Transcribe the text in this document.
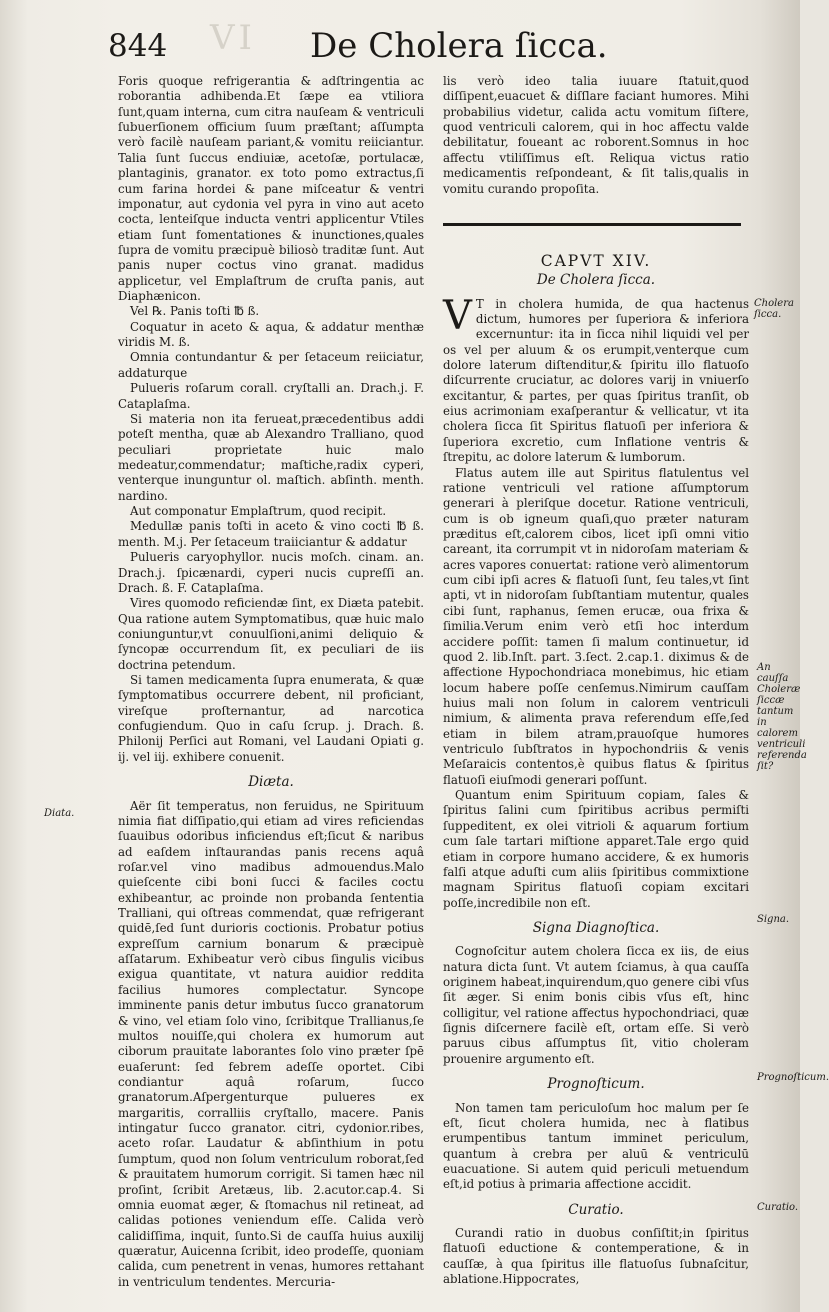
VI
844	De Cholera ſicca.

Foris quoque refrigerantia & adſtringentia ac roborantia adhibenda.Et ſæpe ea vtiliora ſunt,quam interna, cum citra nauſeam & ventriculi ſubuerſionem officium ſuum præſtant; aſſumpta verò facilè nauſeam pariant,& vomitu reiiciantur. Talia ſunt ſuccus endiuiæ, acetoſæ, portulacæ, plantaginis, granator. ex toto pomo extractus,ſi cum farina hordei & pane miſceatur & ventri imponatur, aut cydonia vel pyra in vino aut aceto cocta, lenteiſque inducta ventri applicentur Vtiles etiam ſunt fomentationes & inunctiones,quales ſupra de vomitu præcipuè biliosò traditæ ſunt. Aut panis nuper coctus vino granat. madidus applicetur, vel Emplaſtrum de cruſta panis, aut Diaphænicon.

Vel ℞. Panis toſti ℔ ß.

Coquatur in aceto & aqua, & addatur menthæ viridis M. ß.

Omnia contundantur & per ſetaceum reiiciatur, addaturque

Pulueris roſarum corall. cryſtalli an. Drach.j. F. Cataplaſma.

Si materia non ita ferueat,præcedentibus addi poteſt mentha, quæ ab Alexandro Tralliano, quod peculiari proprietate huic malo medeatur,commendatur; maſtiche,radix cyperi, venterque inunguntur ol. maſtich. abſinth. menth. nardino.

Aut componatur Emplaſtrum, quod recipit.

Medullæ panis toſti in aceto & vino cocti ℔ ß. menth. M.j. Per ſetaceum traiiciantur & addatur

Pulueris caryophyllor. nucis moſch. cinam. an. Drach.j. ſpicænardi, cyperi nucis cupreſſi an. Drach. ß. F. Cataplaſma.

Vires quomodo reficiendæ ſint, ex Diæta patebit. Qua ratione autem Symptomatibus, quæ huic malo coniunguntur,vt conuulſioni,animi deliquio & ſyncopæ occurrendum ſit, ex peculiari de iis doctrina petendum.

Si tamen medicamenta ſupra enumerata, & quæ ſymptomatibus occurrere debent, nil proficiant, vireſque proſternantur, ad narcotica confugiendum. Quo in caſu ſcrup. j. Drach. ß. Philonij Perſici aut Romani, vel Laudani Opiati g. ij. vel iij. exhibere conuenit.

Diæta.

Aër ſit temperatus, non feruidus, ne Spirituum nimia fiat diſſipatio,qui etiam ad vires reficiendas ſuauibus odoribus inficiendus eſt;ſicut & naribus ad eaſdem inſtaurandas panis recens aquâ roſar.vel vino madibus admouendus.Malo quieſcente cibi boni ſucci & faciles coctu exhibeantur, ac proinde non probanda ſententia Tralliani, qui oſtreas commendat, quæ refrigerant quidē,ſed ſunt durioris coctionis. Probatur potius expreſſum carnium bonarum & præcipuè aſſatarum. Exhibeatur verò cibus ſingulis vicibus exigua quantitate, vt natura auidior reddita facilius humores complectatur. Syncope imminente panis detur imbutus ſucco granatorum & vino, vel etiam ſolo vino, ſcribitque Trallianus,ſe multos nouiſſe,qui cholera ex humorum aut ciborum prauitate laborantes ſolo vino præter ſpē euaſerunt: ſed febrem adeſſe oportet. Cibi condiantur aquâ roſarum, ſucco granatorum.Aſpergenturque pulueres ex margaritis, corralliis cryſtallo, macere. Panis intingatur ſucco granator. citri, cydonior.ribes, aceto roſar. Laudatur & abſinthium in potu ſumptum, quod non ſolum ventriculum roborat,ſed & prauitatem humorum corrigit. Si tamen hæc nil proſint, ſcribit Aretæus, lib. 2.acutor.cap.4. Si omnia euomat æger, & ſtomachus nil retineat, ad calidas potiones veniendum eſſe. Calida verò calidiſſima, inquit, ſunto.Si de cauſſa huius auxilij quæratur, Auicenna ſcribit, ideo prodeſſe, quoniam calida, cum penetrent in venas, humores rettahant in ventriculum tendentes. Mercuria-

lis verò ideo talia iuuare ſtatuit,quod diſſipent,euacuet & diſſlare faciant humores. Mihi probabilius videtur, calida actu vomitum ſiſtere, quod ventriculi calorem, qui in hoc affectu valde debilitatur, foueant ac roborent.Somnus in hoc affectu vtiliſſimus eſt. Reliqua victus ratio medicamentis reſpondeant, & ſit talis,qualis in vomitu curando propoſita.

CAPVT XIV.
De Cholera ſicca.

V T in cholera humida, de qua hactenus dictum, humores per ſuperiora & inferiora excernuntur: ita in ſicca nihil liquidi vel per os vel per aluum & os erumpit,venterque cum dolore laterum diſtenditur,& ſpiritu illo flatuoſo diſcurrente cruciatur, ac dolores varij in vniuerſo excitantur, & partes, per quas ſpiritus tranſit, ob eius acrimoniam exaſperantur & vellicatur, vt ita cholera ſicca ſit Spiritus flatuoſi per inferiora & ſuperiora excretio, cum Inflatione ventris & ſtrepitu, ac dolore laterum & lumborum.

Flatus autem ille aut Spiritus flatulentus vel ratione ventriculi vel ratione aſſumptorum generari à pleriſque docetur. Ratione ventriculi, cum is ob igneum quaſi,quo præter naturam præditus eſt,calorem cibos, licet ipſi omni vitio careant, ita corrumpit vt in nidoroſam materiam & acres vapores conuertat: ratione verò alimentorum cum cibi ipſi acres & flatuoſi ſunt, ſeu tales,vt ſint apti, vt in nidoroſam ſubſtantiam mutentur, quales cibi ſunt, raphanus, ſemen erucæ, oua frixa & ſimilia.Verum enim verò etſi hoc interdum accidere poſſit: tamen ſi malum continuetur, id quod 2. lib.Inſt. part. 3.ſect. 2.cap.1. diximus & de affectione Hypochondriaca monebimus, hic etiam locum habere poſſe cenſemus.Nimirum cauſſam huius mali non ſolum in calorem ventriculi nimium, & alimenta prava referendum eſſe,ſed etiam in bilem atram,prauoſque humores ventriculo ſubſtratos in hypochondriis & venis Meſaraicis contentos,è quibus flatus & ſpiritus flatuoſi eiuſmodi generari poſſunt.

Quantum enim Spirituum copiam, ſales & ſpiritus ſalini cum ſpiritibus acribus permiſti ſuppeditent, ex olei vitrioli & aquarum fortium cum ſale tartari miſtione apparet.Tale ergo quid etiam in corpore humano accidere, & ex humoris falſi atque aduſti cum aliis ſpiritibus commixtione magnam Spiritus flatuoſi copiam excitari poſſe,incredibile non eſt.

Signa Diagnoſtica.

Cognoſcitur autem cholera ſicca ex iis, de eius natura dicta ſunt. Vt autem ſciamus, à qua cauſſa originem habeat,inquirendum,quo genere cibi vſus ſit æger. Si enim bonis cibis vſus eſt, hinc colligitur, vel ratione affectus hypochondriaci, quæ ſignis diſcernere facilè eſt, ortam eſſe. Si verò paruus cibus aſſumptus ſit, vitio choleram prouenire argumento eſt.

Prognoſticum.

Non tamen tam periculoſum hoc malum per ſe eſt, ſicut cholera humida, nec à flatibus erumpentibus tantum imminet periculum, quantum à crebra per aluū & ventriculū euacuatione. Si autem quid periculi metuendum eſt,id potius à primaria affectione accidit.

Curatio.

Curandi ratio in duobus conſiſtit;in ſpiritus flatuoſi eductione & contemperatione, & in cauſſæ, à qua ſpiritus ille flatuoſus ſubnaſcitur, ablatione.Hippocrates,

Diata.
Cholera ſicca.
An cauſſa Choleræ ſiccæ tantum in calorem ventriculi referenda ſit?
Signa.
Prognoſticum.
Curatio.
